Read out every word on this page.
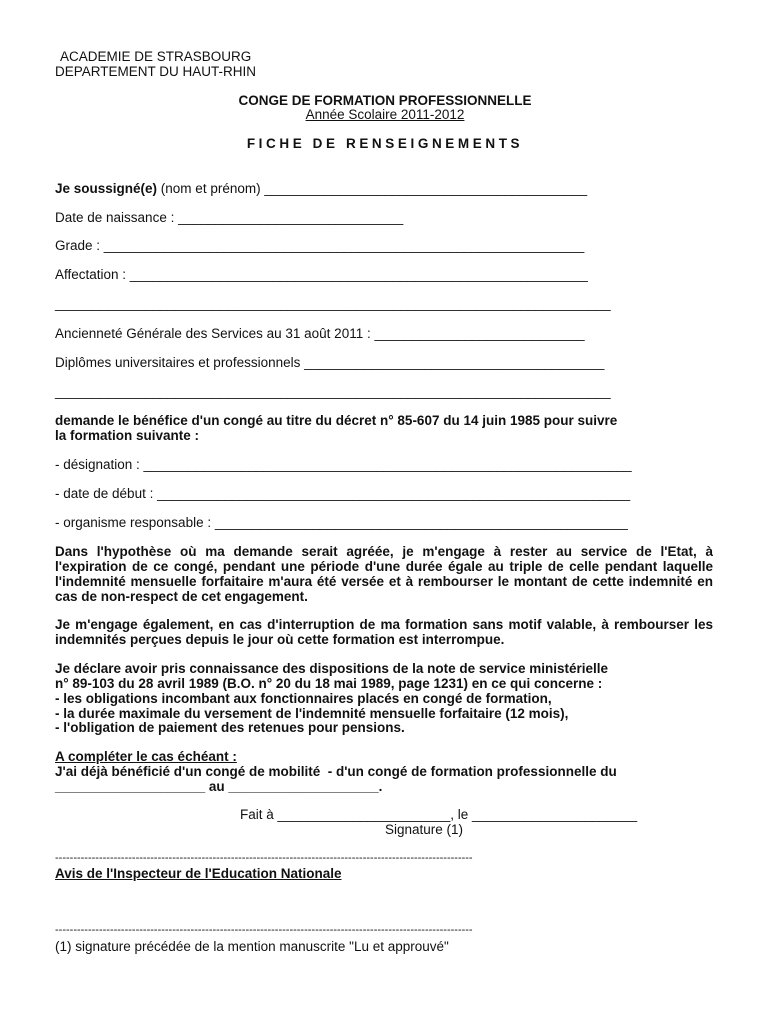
ACADEMIE DE STRASBOURG
DEPARTEMENT DU HAUT-RHIN
CONGE DE FORMATION PROFESSIONNELLE
Année Scolaire 2011-2012
FICHE DE RENSEIGNEMENTS
Je soussigné(e) (nom et prénom) ___________________________________________
Date de naissance : ______________________________
Grade : ________________________________________________________________
Affectation : _____________________________________________________________
__________________________________________________________________________
Ancienneté Générale des Services au 31 août 2011 : ____________________________
Diplômes universitaires et professionnels ________________________________________
__________________________________________________________________________
demande le bénéfice d'un congé au titre du décret n° 85-607 du 14 juin 1985 pour suivre
la formation suivante :
- désignation : _________________________________________________________________
- date de début : _______________________________________________________________
- organisme responsable : _______________________________________________________
Dans l'hypothèse où ma demande serait agréée, je m'engage à rester au service de l'Etat, à l'expiration de ce congé, pendant une période d'une durée égale au triple de celle pendant laquelle l'indemnité mensuelle forfaitaire m'aura été versée et à rembourser le montant de cette indemnité en cas de non-respect de cet engagement.
Je m'engage également, en cas d'interruption de ma formation sans motif valable, à rembourser les indemnités perçues depuis le jour où cette formation est interrompue.
Je déclare avoir pris connaissance des dispositions de la note de service ministérielle
n° 89-103 du 28 avril 1989 (B.O. n° 20 du 18 mai 1989, page 1231) en ce qui concerne :
- les obligations incombant aux fonctionnaires placés en congé de formation,
- la durée maximale du versement de l'indemnité mensuelle forfaitaire (12 mois),
- l'obligation de paiement des retenues pour pensions.
A compléter le cas échéant :
J'ai déjà bénéficié d'un congé de mobilité  - d'un congé de formation professionnelle du
____________________ au ____________________.
Fait à _______________________, le ______________________
Signature (1)
------------------------------------------------------------------------------------------------------------------
Avis de l'Inspecteur de l'Education Nationale
------------------------------------------------------------------------------------------------------------------
(1) signature précédée de la mention manuscrite "Lu et approuvé"
